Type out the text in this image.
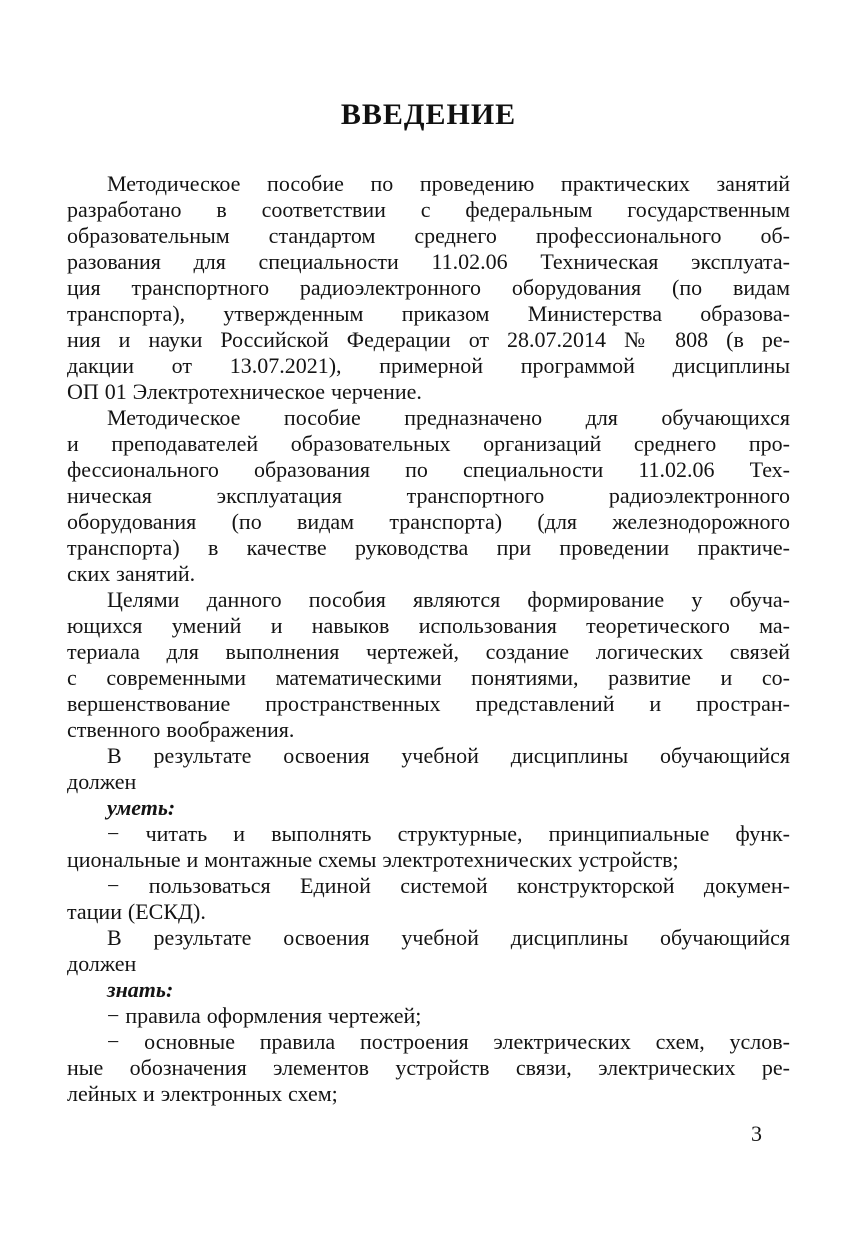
ВВЕДЕНИЕ
Методическое пособие по проведению практических занятий
разработано в соответствии с федеральным государственным
образовательным стандартом среднего профессионального об-
разования для специальности 11.02.06 Техническая эксплуата-
ция транспортного радиоэлектронного оборудования (по видам
транспорта), утвержденным приказом Министерства образова-
ния и науки Российской Федерации от 28.07.2014 № 808 (в ре-
дакции от 13.07.2021), примерной программой дисциплины
ОП 01 Электротехническое черчение.
Методическое пособие предназначено для обучающихся
и преподавателей образовательных организаций среднего про-
фессионального образования по специальности 11.02.06 Тех-
ническая эксплуатация транспортного радиоэлектронного
оборудования (по видам транспорта) (для железнодорожного
транспорта) в качестве руководства при проведении практиче-
ских занятий.
Целями данного пособия являются формирование у обуча-
ющихся умений и навыков использования теоретического ма-
териала для выполнения чертежей, создание логических связей
с современными математическими понятиями, развитие и со-
вершенствование пространственных представлений и простран-
ственного воображения.
В результате освоения учебной дисциплины обучающийся
должен
уметь:
− читать и выполнять структурные, принципиальные функ-
циональные и монтажные схемы электротехнических устройств;
− пользоваться Единой системой конструкторской докумен-
тации (ЕСКД).
В результате освоения учебной дисциплины обучающийся
должен
знать:
− правила оформления чертежей;
− основные правила построения электрических схем, услов-
ные обозначения элементов устройств связи, электрических ре-
лейных и электронных схем;
3
